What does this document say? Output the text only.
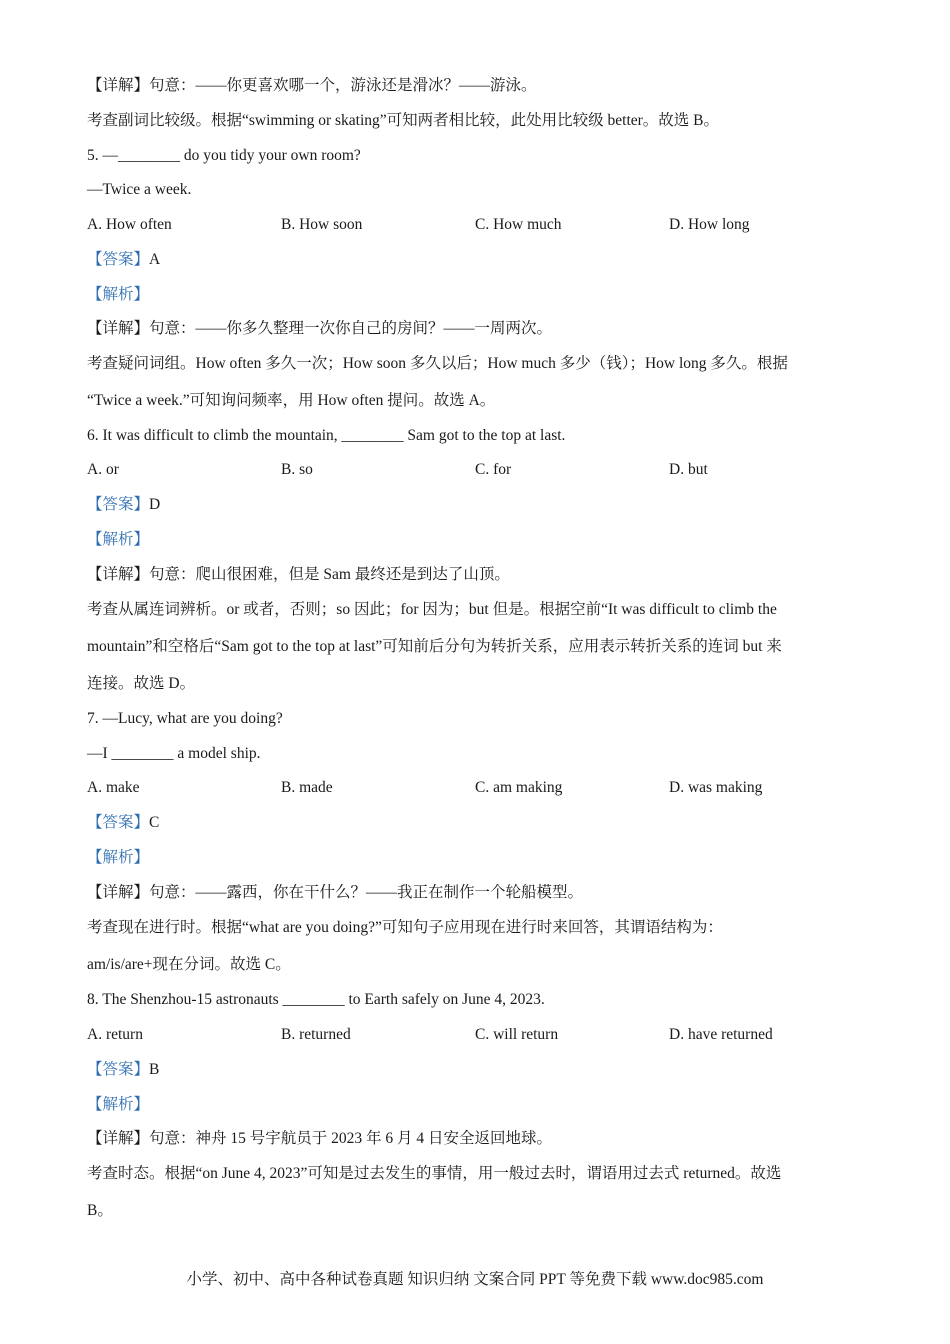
【详解】句意：——你更喜欢哪一个，游泳还是滑冰？——游泳。
考查副词比较级。根据“swimming or skating”可知两者相比较，此处用比较级 better。故选 B。
5. —________ do you tidy your own room?
—Twice a week.
A. How often	B. How soon	C. How much	D. How long
【答案】A
【解析】
【详解】句意：——你多久整理一次你自己的房间？——一周两次。
考查疑问词组。How often 多久一次；How soon 多久以后；How much 多少（钱）；How long 多久。根据
“Twice a week.”可知询问频率，用 How often 提问。故选 A。
6. It was difficult to climb the mountain, ________ Sam got to the top at last.
A. or	B. so	C. for	D. but
【答案】D
【解析】
【详解】句意：爬山很困难，但是 Sam 最终还是到达了山顶。
考查从属连词辨析。or 或者，否则；so 因此；for 因为；but 但是。根据空前“It was difficult to climb the
mountain”和空格后“Sam got to the top at last”可知前后分句为转折关系，应用表示转折关系的连词 but 来
连接。故选 D。
7. —Lucy, what are you doing?
—I ________ a model ship.
A. make	B. made	C. am making	D. was making
【答案】C
【解析】
【详解】句意：——露西，你在干什么？——我正在制作一个轮船模型。
考查现在进行时。根据“what are you doing?”可知句子应用现在进行时来回答，其谓语结构为：
am/is/are+现在分词。故选 C。
8. The Shenzhou-15 astronauts ________ to Earth safely on June 4, 2023.
A. return	B. returned	C. will return	D. have returned
【答案】B
【解析】
【详解】句意：神舟 15 号宇航员于 2023 年 6 月 4 日安全返回地球。
考查时态。根据“on June 4, 2023”可知是过去发生的事情，用一般过去时，谓语用过去式 returned。故选
B。
小学、初中、高中各种试卷真题 知识归纳 文案合同 PPT 等免费下载 www.doc985.com
